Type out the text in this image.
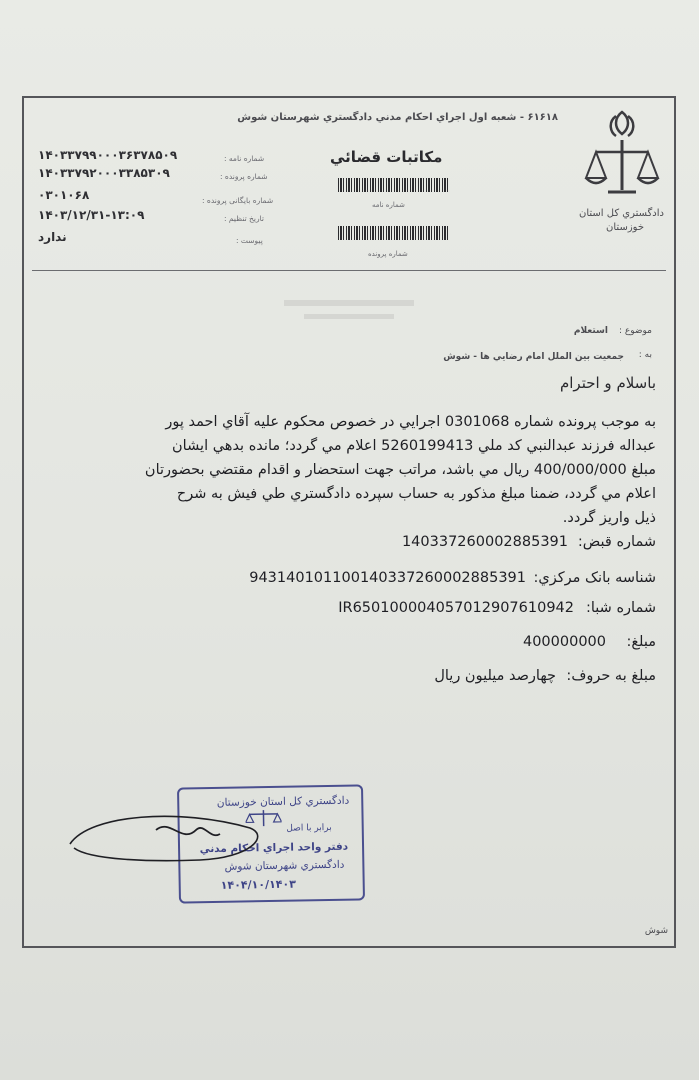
۶۱۶۱۸ - شعبه اول اجراي احكام مدني دادگستري شهرستان شوش
دادگستري كل استان
خوزستان
مكاتبات قضائي
شماره نامه
شماره پرونده
شماره نامه :
۱۴۰۳۳۷۹۹۰۰۰۳۶۳۷۸۵۰۹
شماره پرونده :
۱۴۰۳۳۷۹۲۰۰۰۳۳۸۵۳۰۹
شماره بایگانی پرونده :
۰۳۰۱۰۶۸
تاريخ تنظيم :
۱۴۰۳/۱۲/۳۱-۱۳:۰۹
پيوست :
ندارد
موضوع :
استعلام
به :
جمعيت بين الملل امام رضايي ها - شوش
باسلام و احترام
به موجب پرونده شماره 0301068 اجرايي در خصوص محكوم عليه آقاي احمد پور
عبداله فرزند عبدالنبي كد ملي 5260199413 اعلام مي گردد؛ مانده بدهي ايشان
مبلغ 400/000/000 ريال مي باشد، مراتب جهت استحضار و اقدام مقتضي بحضورتان
اعلام مي گردد، ضمنا مبلغ مذكور به حساب سپرده دادگستري طي فيش به شرح
ذيل واريز گردد.
:شماره قبض
140337260002885391
:شناسه بانک مرکزي
943140101100140337260002885391
:شماره شبا
IR650100004057012907610942
:مبلغ
400000000
:مبلغ به حروف
چهارصد ميليون ريال
شوش
دادگستري كل استان خوزستان
برابر با اصل
دفتر واحد اجراي احكام مدني
دادگستري شهرستان شوش
۱۴۰۴/۱۰/۱۴۰۳
